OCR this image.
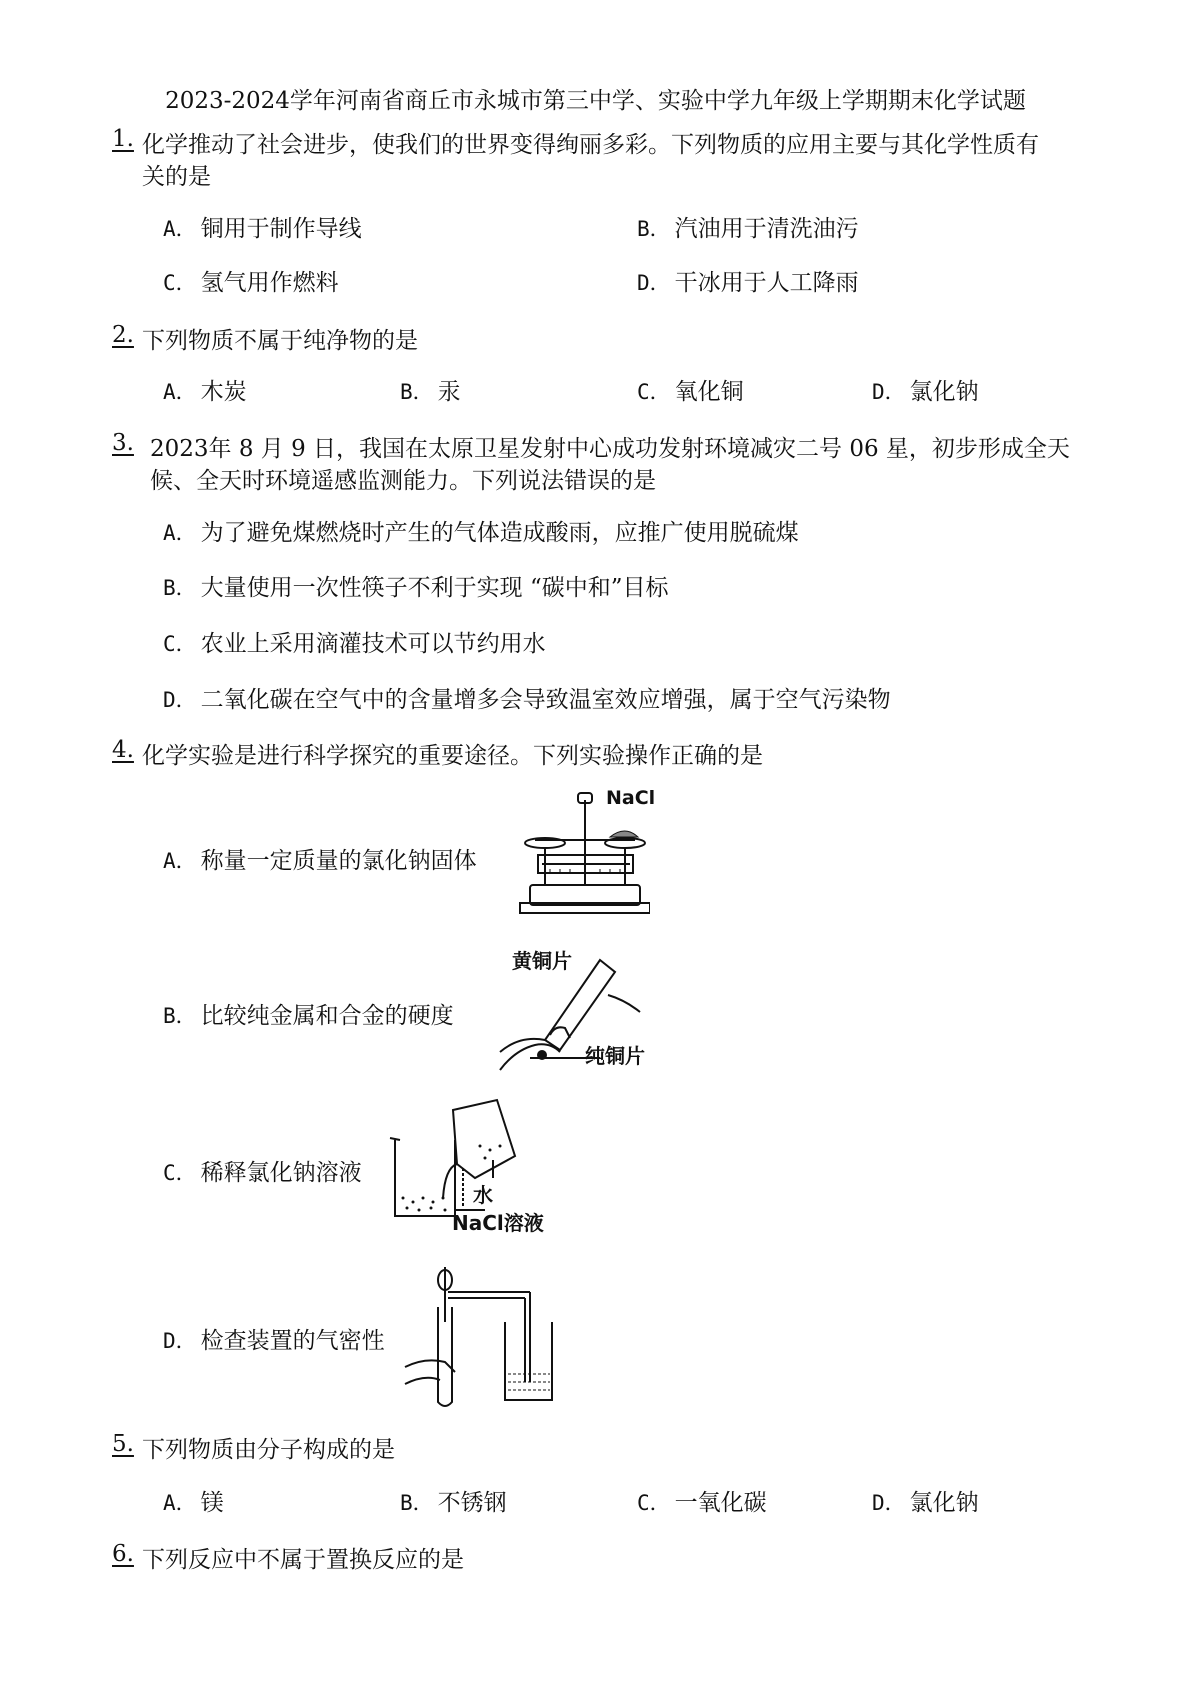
2023-2024学年河南省商丘市永城市第三中学、实验中学九年级上学期期末化学试题
1. 化学推动了社会进步，使我们的世界变得绚丽多彩。下列物质的应用主要与其化学性质有
关的是
A． 铜用于制作导线	B． 汽油用于清洗油污
C． 氢气用作燃料	D． 干冰用于人工降雨
2. 下列物质不属于纯净物的是
A． 木炭	B． 汞	C． 氧化铜	D． 氯化钠
3. 2023年 8 月 9 日，我国在太原卫星发射中心成功发射环境减灾二号 06 星，初步形成全天
候、全天时环境遥感监测能力。下列说法错误的是
A． 为了避免煤燃烧时产生的气体造成酸雨，应推广使用脱硫煤
B． 大量使用一次性筷子不利于实现 “碳中和”目标
C． 农业上采用滴灌技术可以节约用水
D． 二氧化碳在空气中的含量增多会导致温室效应增强，属于空气污染物
4. 化学实验是进行科学探究的重要途径。下列实验操作正确的是
A． 称量一定质量的氯化钠固体
NaCl
B． 比较纯金属和合金的硬度
黄铜片
纯铜片
C． 稀释氯化钠溶液
水
NaCl溶液
D． 检查装置的气密性
5. 下列物质由分子构成的是
A． 镁	B． 不锈钢	C． 一氧化碳	D． 氯化钠
6. 下列反应中不属于置换反应的是
